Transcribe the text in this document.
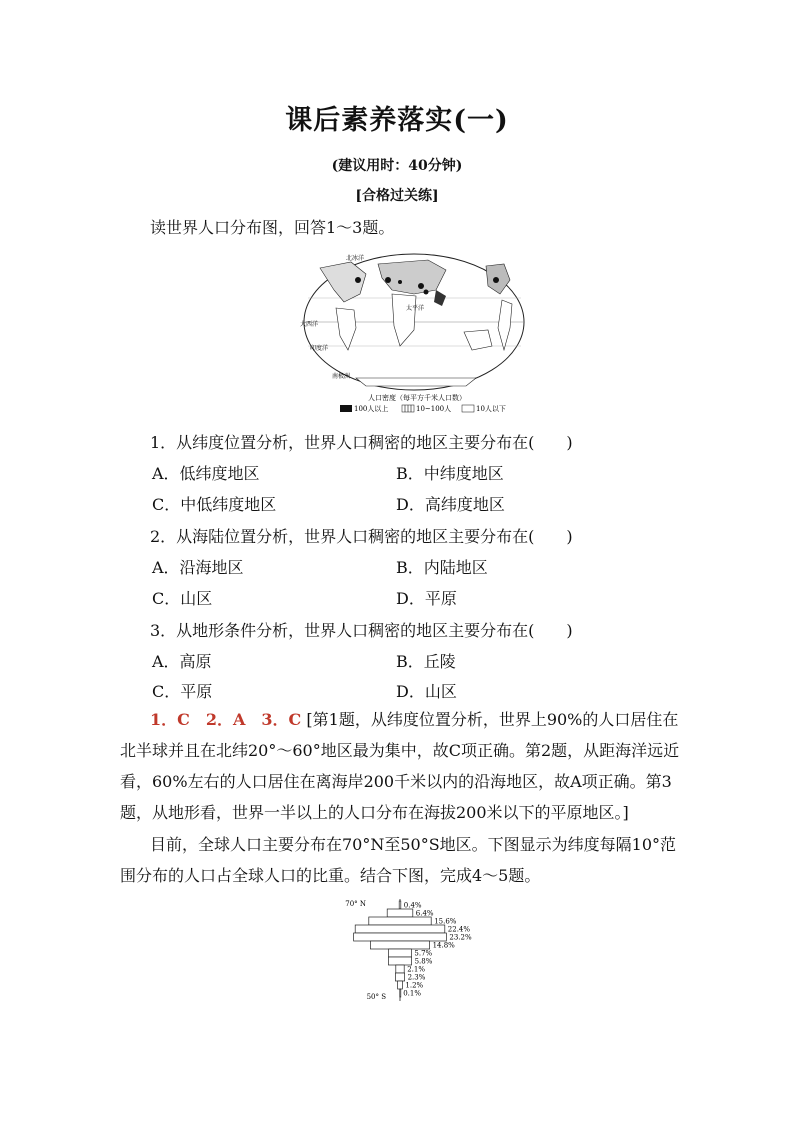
课后素养落实(一)
(建议用时：40分钟)
[合格过关练]
读世界人口分布图，回答1～3题。
北冰洋
大西洋
太平洋
印度洋
南极洲
人口密度（每平方千米人口数）
100人以上	10~100人	10人以下
1．从纬度位置分析，世界人口稠密的地区主要分布在(　　)
A．低纬度地区	B．中纬度地区
C．中低纬度地区	D．高纬度地区
2．从海陆位置分析，世界人口稠密的地区主要分布在(　　)
A．沿海地区	B．内陆地区
C．山区	D．平原
3．从地形条件分析，世界人口稠密的地区主要分布在(　　)
A．高原	B．丘陵
C．平原	D．山区
1．C　2．A　3．C [第1题，从纬度位置分析，世界上90%的人口居住在北半球并且在北纬20°～60°地区最为集中，故C项正确。第2题，从距海洋远近看，60%左右的人口居住在离海岸200千米以内的沿海地区，故A项正确。第3题，从地形看，世界一半以上的人口分布在海拔200米以下的平原地区。]
目前，全球人口主要分布在70°N至50°S地区。下图显示为纬度每隔10°范围分布的人口占全球人口的比重。结合下图，完成4～5题。
70° N
50° S
0.4%
6.4%
15.6%
22.4%
23.2%
14.8%
5.7%
5.8%
2.1%
2.3%
1.2%
0.1%
